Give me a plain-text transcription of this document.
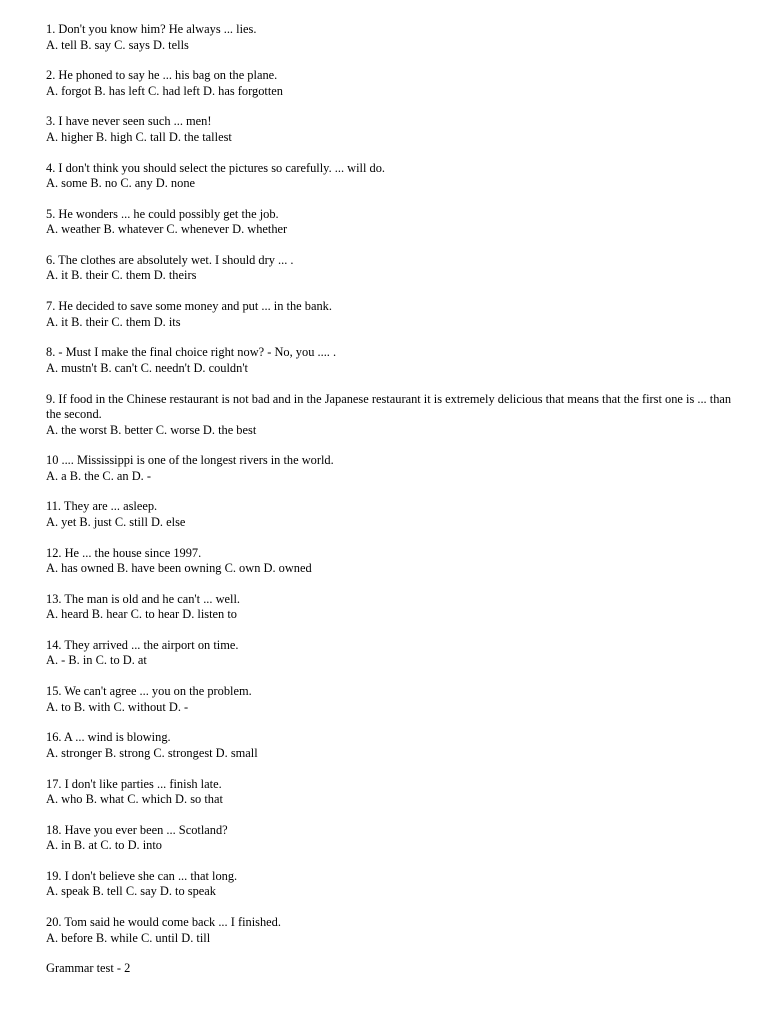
1. Don't you know him? He always ... lies.

A. tell B. say C. says D. tells

2. He phoned to say he ... his bag on the plane.

A. forgot B. has left C. had left D. has forgotten

3. I have never seen such ... men!

A. higher B. high C. tall D. the tallest

4. I don't think you should select the pictures so carefully. ... will do.

A. some B. no C. any D. none

5. He wonders ... he could possibly get the job.

A. weather B. whatever C. whenever D. whether

6. The clothes are absolutely wet. I should dry ... .

A. it B. their C. them D. theirs

7. He decided to save some money and put ... in the bank.

A. it B. their C. them D. its

8. - Must I make the final choice right now? - No, you .... .

A. mustn't B. can't C. needn't D. couldn't

9. If food in the Chinese restaurant is not bad and in the Japanese restaurant it is extremely delicious that means that the first one is ... than the second.

A. the worst B. better C. worse D. the best

10 .... Mississippi is one of the longest rivers in the world.

A. a B. the C. an D. -

11. They are ... asleep.

A. yet B. just C. still D. else

12. He ... the house since 1997.

A. has owned B. have been owning C. own D. owned

13. The man is old and he can't ... well.

A. heard B. hear C. to hear D. listen to

14. They arrived ... the airport on time.

A. - B. in C. to D. at

15. We can't agree ... you on the problem.

A. to B. with C. without D. -

16. A ... wind is blowing.

A. stronger B. strong C. strongest D. small

17. I don't like parties ... finish late.

A. who B. what C. which D. so that

18. Have you ever been ... Scotland?

A. in B. at C. to D. into

19. I don't believe she can ... that long.

A. speak B. tell C. say D. to speak

20. Tom said he would come back ... I finished.

A. before B. while C. until D. till

Grammar test - 2
